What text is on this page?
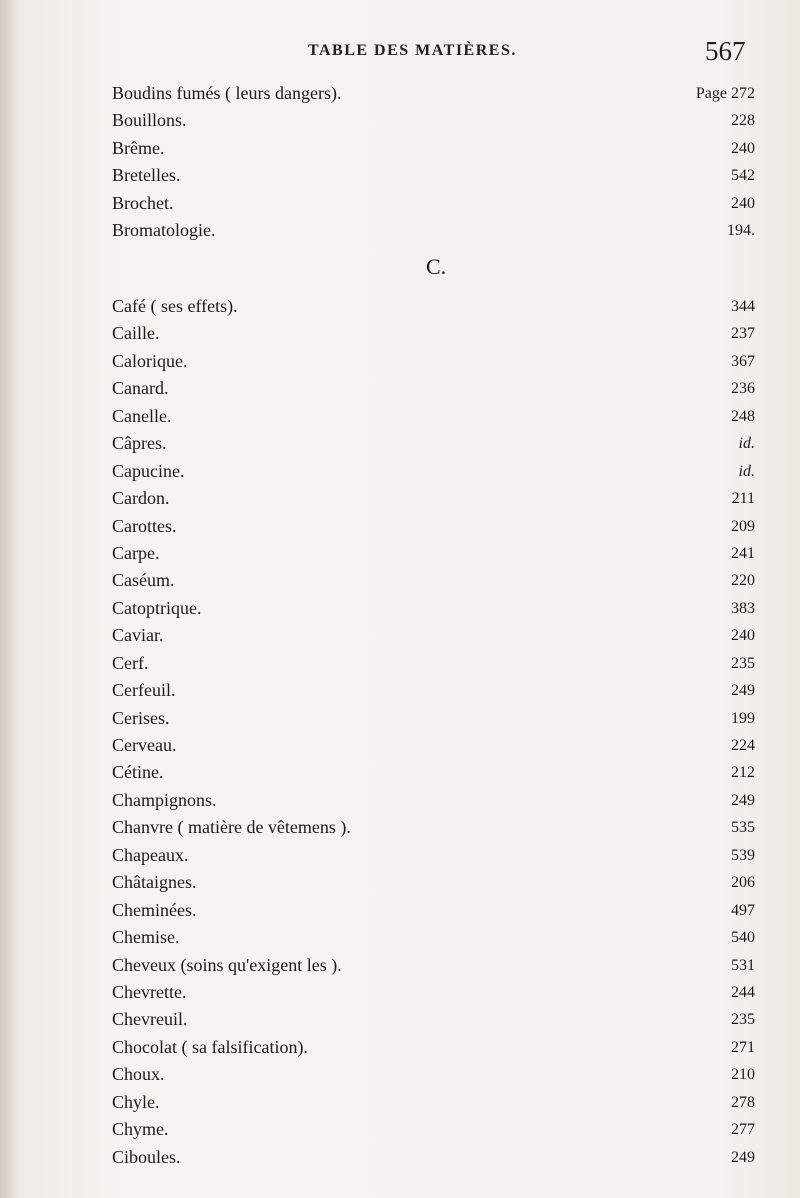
TABLE DES MATIÈRES.	567
Boudins fumés ( leurs dangers).	Page 272
Bouillons.	228
Brême.	240
Bretelles.	542
Brochet.	240
Bromatologie.	194.
C.
Café ( ses effets).	344
Caille.	237
Calorique.	367
Canard.	236
Canelle.	248
Câpres.	id.
Capucine.	id.
Cardon.	211
Carottes.	209
Carpe.	241
Caséum.	220
Catoptrique.	383
Caviar.	240
Cerf.	235
Cerfeuil.	249
Cerises.	199
Cerveau.	224
Cétine.	212
Champignons.	249
Chanvre ( matière de vêtemens ).	535
Chapeaux.	539
Châtaignes.	206
Cheminées.	497
Chemise.	540
Cheveux (soins qu'exigent les ).	531
Chevrette.	244
Chevreuil.	235
Chocolat ( sa falsification).	271
Choux.	210
Chyle.	278
Chyme.	277
Ciboules.	249
